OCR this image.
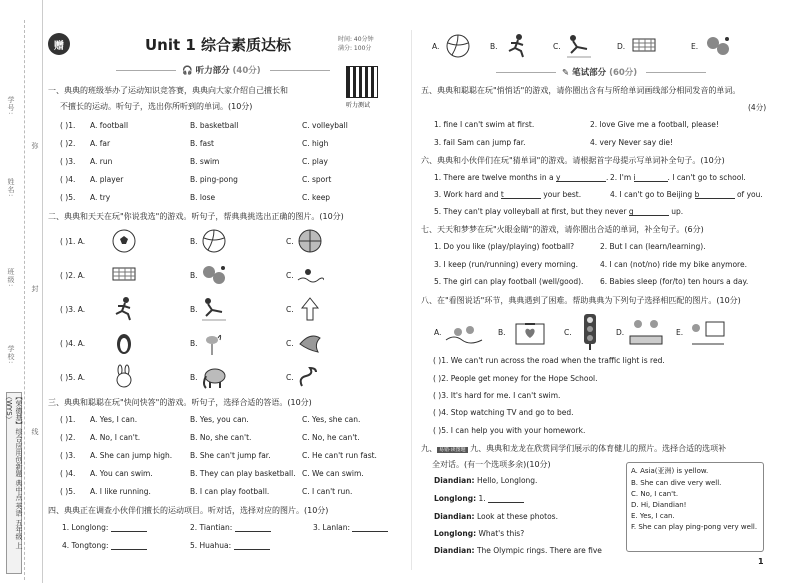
学号:
弥
姓名:
班级:
封
学校:
线
【荣德基】综合应用创新题 典中点 英语 五年级 上（WYS）
赠	Unit 1 综合素质达标	时间: 40分钟
满分: 100分
🎧 听力部分 (40分)
听力测试
一、典典的班级举办了运动知识竞答赛，典典向大家介绍自己擅长和
不擅长的运动。听句子，选出你所听到的单词。(10分)
( )1. A. football	B. basketball	C. volleyball
( )2. A. far	B. fast	C. high
( )3. A. run	B. swim	C. play
( )4. A. player	B. ping-pong	C. sport
( )5. A. try	B. lose	C. keep
二、典典和天天在玩"你说我选"的游戏。听句子，帮典典挑选出正确的图片。(10分)
( )1. A.	B.	C.
( )2. A.	B.	C.
( )3. A.	B.	C.
( )4. A.	B.	C.
( )5. A.	B.	C.
三、典典和聪聪在玩"快问快答"的游戏。听句子，选择合适的答语。(10分)
( )1. A. Yes, I can.	B. Yes, you can.	C. Yes, she can.
( )2. A. No, I can't.	B. No, she can't.	C. No, he can't.
( )3. A. She can jump high. B. She can't jump far.	C. He can't run fast.
( )4. A. You can swim.	B. They can play basketball. C. We can swim.
( )5. A. I like running.	B. I can play football.	C. I can't run.
四、典典正在调查小伙伴们擅长的运动项目。听对话，选择对应的图片。(10分)
1. Longlong:	2. Tiantian:	3. Lanlan:
4. Tongtong:	5. Huahua:
A.	B.	C.	D.	E.
✎ 笔试部分 (60分)
五、典典和聪聪在玩"悄悄话"的游戏，请你圈出含有与所给单词画线部分相同发音的单词。
(4分)
1. fine I can't swim at first.	2. love Give me a football, please!
3. fail Sam can jump far.	4. very Never say die!
六、典典和小伙伴们在玩"猜单词"的游戏。请根据首字母提示写单词补全句子。(10分)
1. There are twelve months in a y	. 2. I'm i	. I can't go to school.
3. Work hard and t	your best.	4. I can't go to Beijing b	of you.
5. They can't play volleyball at first, but they never g	up.
七、天天和梦梦在玩"火眼金睛"的游戏，请你圈出合适的单词，补全句子。(6分)
1. Do you like (play/playing) football?	2. But I can (learn/learning).
3. I keep (run/running) every morning.	4. I can (not/no) ride my bike anymore.
5. The girl can play football (well/good). 6. Babies sleep (for/to) ten hours a day.
八、在"看图说话"环节，典典遇到了困难。帮助典典为下列句子选择相匹配的图片。(10分)
A.	B.	C.	D.	E.
( )1. We can't run across the road when the traffic light is red.
( )2. People get money for the Hope School.
( )3. It's hard for me. I can't swim.
( )4. Stop watching TV and go to bed.
( )5. I can help you with your homework.
九、 易错·读图题 九、典典和龙龙在欣赏同学们展示的体育健儿的照片。选择合适的选项补
全对话。(有一个选项多余)(10分)
Diandian: Hello, Longlong.
Longlong: 1.
Diandian: Look at these photos.
Longlong: What's this?
Diandian: The Olympic rings. There are five
A. Asia(亚洲) is yellow.
B. She can dive very well.
C. No, I can't.
D. Hi, Diandian!
E. Yes, I can.
F. She can play ping-pong very well.
1
